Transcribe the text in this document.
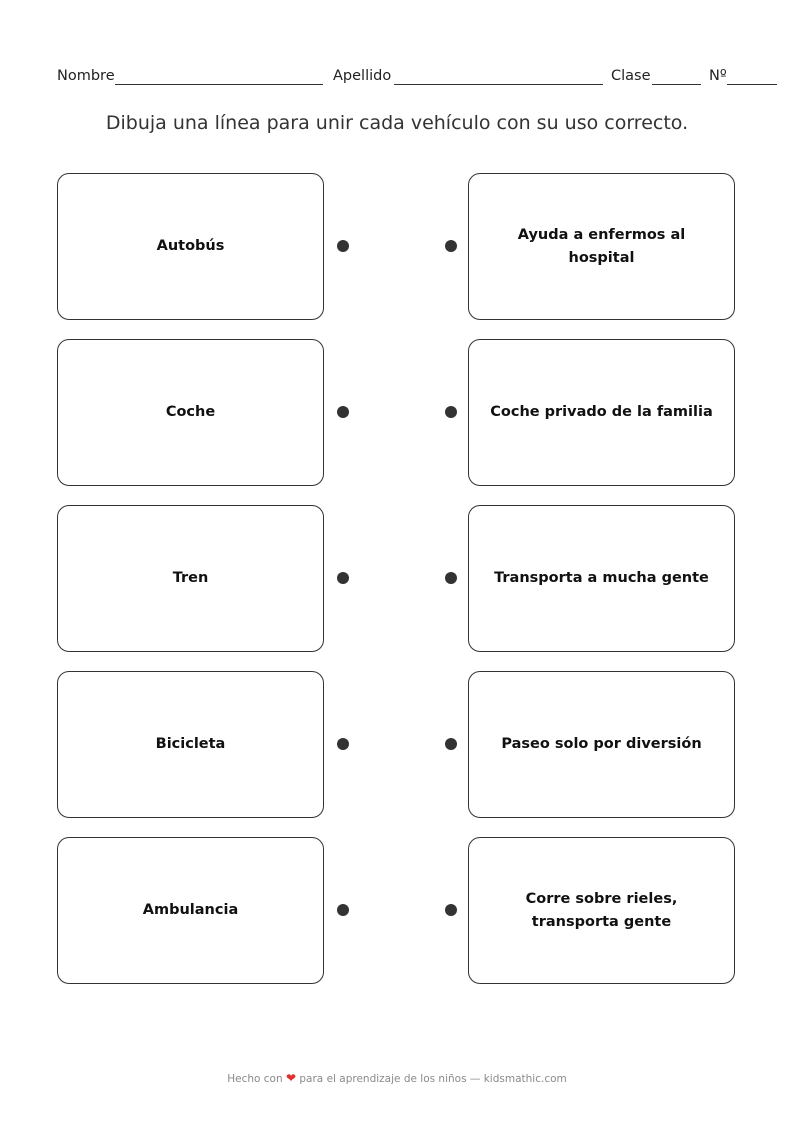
Nombre	Apellido	Clase	Nº
Dibuja una línea para unir cada vehículo con su uso correcto.
Autobús
Coche
Tren
Bicicleta
Ambulancia
Ayuda a enfermos al hospital
Coche privado de la familia
Transporta a mucha gente
Paseo solo por diversión
Corre sobre rieles, transporta gente
Hecho con ❤ para el aprendizaje de los niños — kidsmathic.com
